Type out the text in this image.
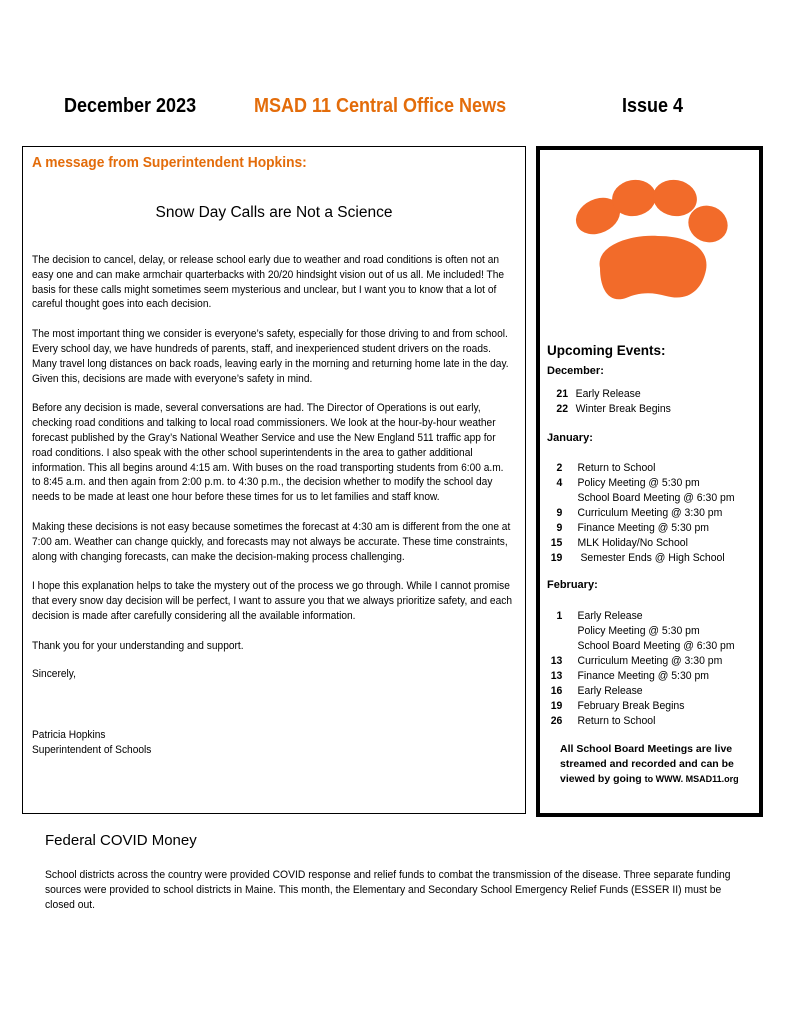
December 2023	MSAD 11 Central Office News	Issue 4
A message from Superintendent Hopkins:
Snow Day Calls are Not a Science

The decision to cancel, delay, or release school early due to weather and road conditions is often not an easy one and can make armchair quarterbacks with 20/20 hindsight vision out of us all. Me included! The basis for these calls might sometimes seem mysterious and unclear, but I want you to know that a lot of careful thought goes into each decision.

The most important thing we consider is everyone’s safety, especially for those driving to and from school. Every school day, we have hundreds of parents, staff, and inexperienced student drivers on the roads. Many travel long distances on back roads, leaving early in the morning and returning home late in the day. Given this, decisions are made with everyone’s safety in mind.

Before any decision is made, several conversations are had. The Director of Operations is out early, checking road conditions and talking to local road commissioners. We look at the hour-by-hour weather forecast published by the Gray’s National Weather Service and use the New England 511 traffic app for road conditions. I also speak with the other school superintendents in the area to gather additional information. This all begins around 4:15 am. With buses on the road transporting students from 6:00 a.m. to 8:45 a.m. and then again from 2:00 p.m. to 4:30 p.m., the decision whether to modify the school day needs to be made at least one hour before these times for us to let families and staff know.

Making these decisions is not easy because sometimes the forecast at 4:30 am is different from the one at 7:00 am. Weather can change quickly, and forecasts may not always be accurate. These time constraints, along with changing forecasts, can make the decision-making process challenging.

I hope this explanation helps to take the mystery out of the process we go through. While I cannot promise that every snow day decision will be perfect, I want to assure you that we always prioritize safety, and each decision is made after carefully considering all the available information.

Thank you for your understanding and support.

Sincerely,
Patricia Hopkins
Superintendent of Schools
Upcoming Events:
December:
21 Early Release
22 Winter Break Begins
January:
2 Return to School
4 Policy Meeting @ 5:30 pm
School Board Meeting @ 6:30 pm
9 Curriculum Meeting @ 3:30 pm
9 Finance Meeting @ 5:30 pm
15 MLK Holiday/No School
19 Semester Ends @ High School
February:
1 Early Release
Policy Meeting @ 5:30 pm
School Board Meeting @ 6:30 pm
13 Curriculum Meeting @ 3:30 pm
13 Finance Meeting @ 5:30 pm
16 Early Release
19 February Break Begins
26 Return to School
All School Board Meetings are live streamed and recorded and can be viewed by going to WWW. MSAD11.org
Federal COVID Money
School districts across the country were provided COVID response and relief funds to combat the transmission of the disease. Three separate funding sources were provided to school districts in Maine. This month, the Elementary and Secondary School Emergency Relief Funds (ESSER II) must be closed out.
